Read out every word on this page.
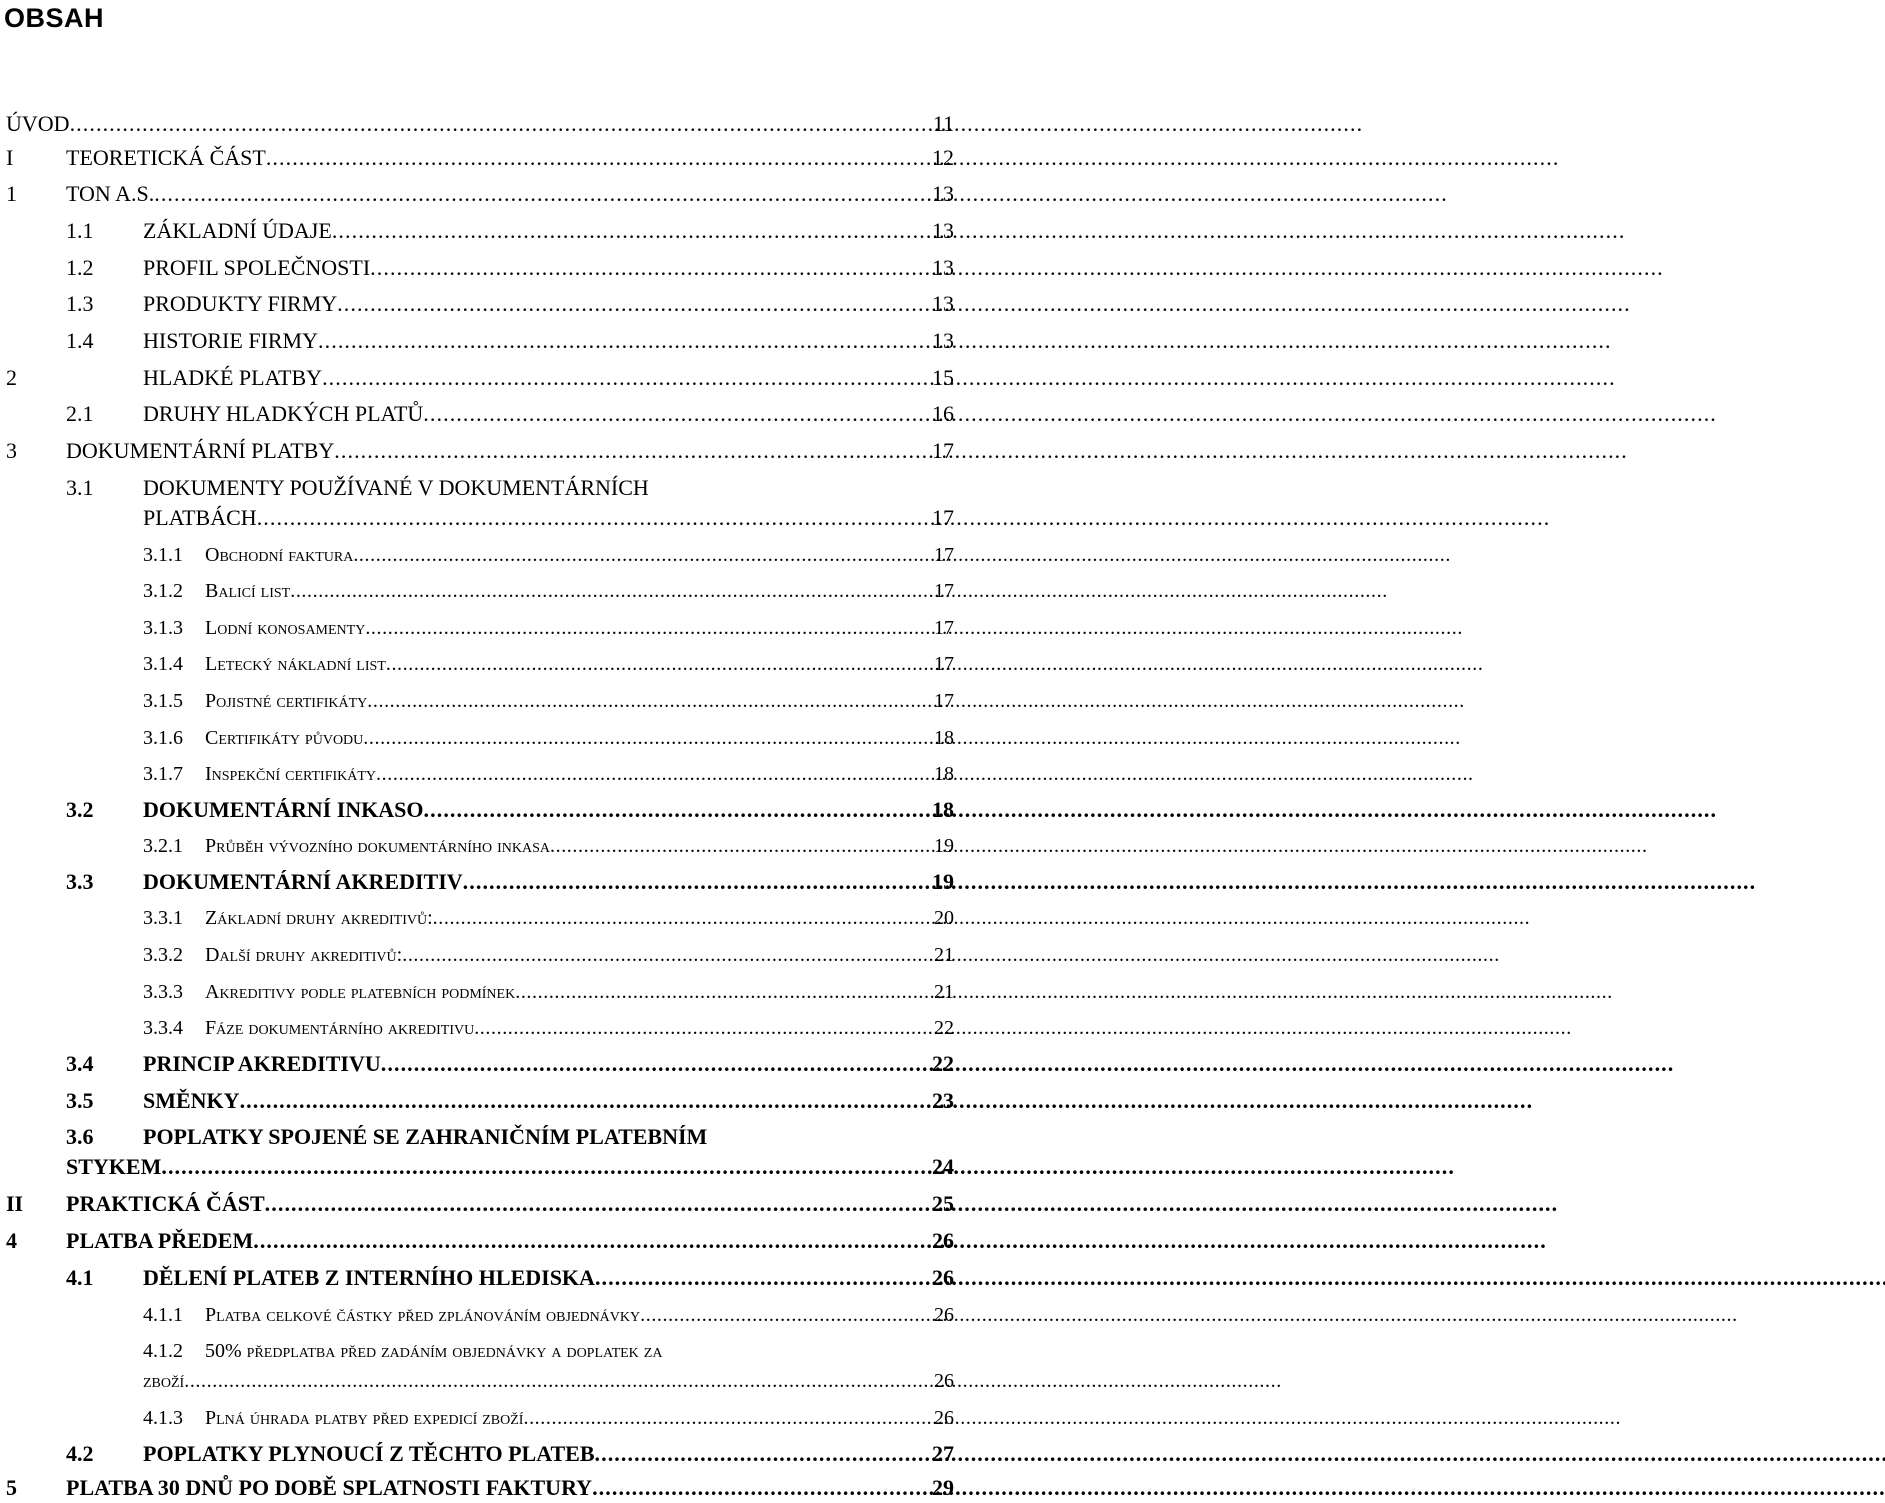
OBSAH
ÚVOD . . .	11
I	TEORETICKÁ ČÁST . . .	12
1	TON A.S. . . .	13
1.1	ZÁKLADNÍ ÚDAJE . . .	13
1.2	PROFIL SPOLEČNOSTI . . .	13
1.3	PRODUKTY FIRMY . . .	13
1.4	HISTORIE FIRMY . . .	13
2	HLADKÉ PLATBY . . .	15
2.1	DRUHY HLADKÝCH PLATŮ . . .	16
3	DOKUMENTÁRNÍ PLATBY . . .	17
3.1 DOKUMENTY POUŽÍVANÉ V DOKUMENTÁRNÍCH
PLATBÁCH . . .	17
3.1.1	Obchodní faktura . . .	17
3.1.2	Balicí list . . .	17
3.1.3	Lodní konosamenty . . .	17
3.1.4	Letecký nákladní list . . .	17
3.1.5	Pojistné certifikáty . . .	17
3.1.6	Certifikáty původu . . .	18
3.1.7	Inspekční certifikáty . . .	18
3.2	DOKUMENTÁRNÍ INKASO . . .	18
3.2.1	Průběh vývozního dokumentárního inkasa . . .	19
3.3	DOKUMENTÁRNÍ AKREDITIV . . .	19
3.3.1	Základní druhy akreditivů: . . .	20
3.3.2	Další druhy akreditivů: . . .	21
3.3.3	Akreditivy podle platebních podmínek . . .	21
3.3.4	Fáze dokumentárního akreditivu . . .	22
3.4	PRINCIP AKREDITIVU . . .	22
3.5	SMĚNKY . . .	23
3.6 POPLATKY SPOJENÉ SE ZAHRANIČNÍM PLATEBNÍM
STYKEM . . .	24
II	PRAKTICKÁ ČÁST . . .	25
4	PLATBA PŘEDEM . . .	26
4.1	DĚLENÍ PLATEB Z INTERNÍHO HLEDISKA . . .	26
4.1.1	Platba celkové částky před zplánováním objednávky . . .	26
4.1.2 50% předplatba před zadáním objednávky a doplatek za
zboží . . .	26
4.1.3	Plná úhrada platby před expedicí zboží . . .	26
4.2	POPLATKY PLYNOUCÍ Z TĚCHTO PLATEB . . .	27
5	PLATBA 30 DNŮ PO DOBĚ SPLATNOSTI FAKTURY . . .	29
